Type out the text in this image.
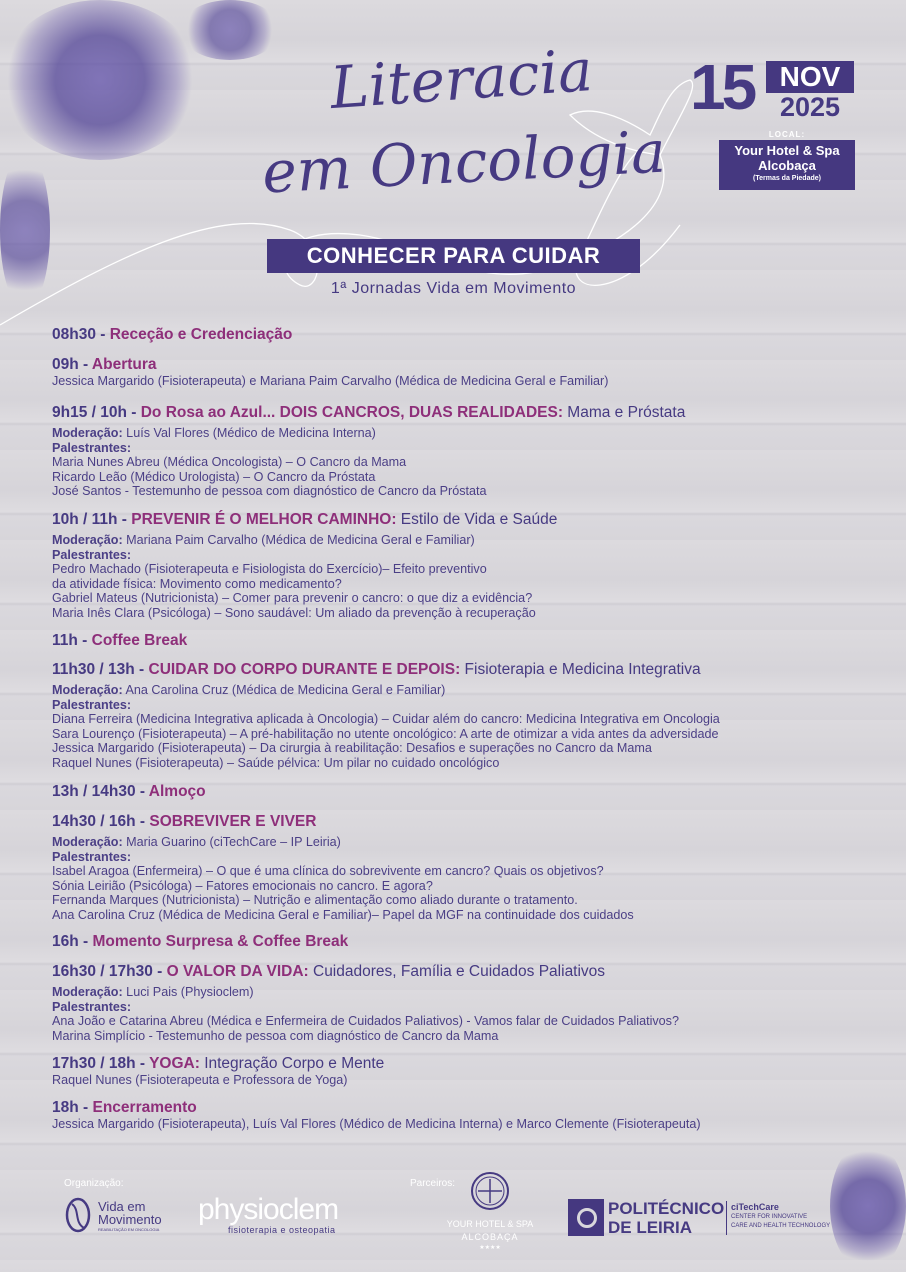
Literacia
em Oncologia
CONHECER PARA CUIDAR
1ª Jornadas Vida em Movimento
15 NOV
2025
LOCAL:
Your Hotel & Spa
Alcobaça
(Termas da Piedade)
08h30 - Receção e Credenciação
09h - Abertura
Jessica Margarido (Fisioterapeuta) e Mariana Paim Carvalho (Médica de Medicina Geral e Familiar)
9h15 / 10h - Do Rosa ao Azul... DOIS CANCROS, DUAS REALIDADES: Mama e Próstata
Moderação: Luís Val Flores (Médico de Medicina Interna)
Palestrantes:
Maria Nunes Abreu (Médica Oncologista) – O Cancro da Mama
Ricardo Leão (Médico Urologista) – O Cancro da Próstata
José Santos - Testemunho de pessoa com diagnóstico de Cancro da Próstata
10h / 11h - PREVENIR É O MELHOR CAMINHO: Estilo de Vida e Saúde
Moderação: Mariana Paim Carvalho (Médica de Medicina Geral e Familiar)
Palestrantes:
Pedro Machado (Fisioterapeuta e Fisiologista do Exercício)– Efeito preventivo
da atividade física: Movimento como medicamento?
Gabriel Mateus (Nutricionista) – Comer para prevenir o cancro: o que diz a evidência?
Maria Inês Clara (Psicóloga) – Sono saudável: Um aliado da prevenção à recuperação
11h - Coffee Break
11h30 / 13h - CUIDAR DO CORPO DURANTE E DEPOIS: Fisioterapia e Medicina Integrativa
Moderação: Ana Carolina Cruz (Médica de Medicina Geral e Familiar)
Palestrantes:
Diana Ferreira (Medicina Integrativa aplicada à Oncologia) – Cuidar além do cancro: Medicina Integrativa em Oncologia
Sara Lourenço (Fisioterapeuta) – A pré-habilitação no utente oncológico: A arte de otimizar a vida antes da adversidade
Jessica Margarido (Fisioterapeuta) – Da cirurgia à reabilitação: Desafios e superações no Cancro da Mama
Raquel Nunes (Fisioterapeuta) – Saúde pélvica: Um pilar no cuidado oncológico
13h / 14h30 - Almoço
14h30 / 16h - SOBREVIVER E VIVER
Moderação: Maria Guarino (ciTechCare – IP Leiria)
Palestrantes:
Isabel Aragoa (Enfermeira) – O que é uma clínica do sobrevivente em cancro? Quais os objetivos?
Sónia Leirião (Psicóloga) – Fatores emocionais no cancro. E agora?
Fernanda Marques (Nutricionista) – Nutrição e alimentação como aliado durante o tratamento.
Ana Carolina Cruz (Médica de Medicina Geral e Familiar)– Papel da MGF na continuidade dos cuidados
16h - Momento Surpresa & Coffee Break
16h30 / 17h30 - O VALOR DA VIDA: Cuidadores, Família e Cuidados Paliativos
Moderação: Luci Pais (Physioclem)
Palestrantes:
Ana João e Catarina Abreu (Médica e Enfermeira de Cuidados Paliativos) - Vamos falar de Cuidados Paliativos?
Marina Simplício - Testemunho de pessoa com diagnóstico de Cancro da Mama
17h30 / 18h - YOGA: Integração Corpo e Mente
Raquel Nunes (Fisioterapeuta e Professora de Yoga)
18h - Encerramento
Jessica Margarido (Fisioterapeuta), Luís Val Flores (Médico de Medicina Interna) e Marco Clemente (Fisioterapeuta)
Organização:	Parceiros:
Vida em
Movimento
REABILITAÇÃO EM ONCOLOGIA
physioclem
fisioterapia e osteopatia
YOUR HOTEL & SPA
ALCOBAÇA
★★★★
POLITÉCNICO
DE LEIRIA
ciTechCare
CENTER FOR INNOVATIVE
CARE AND HEALTH TECHNOLOGY
